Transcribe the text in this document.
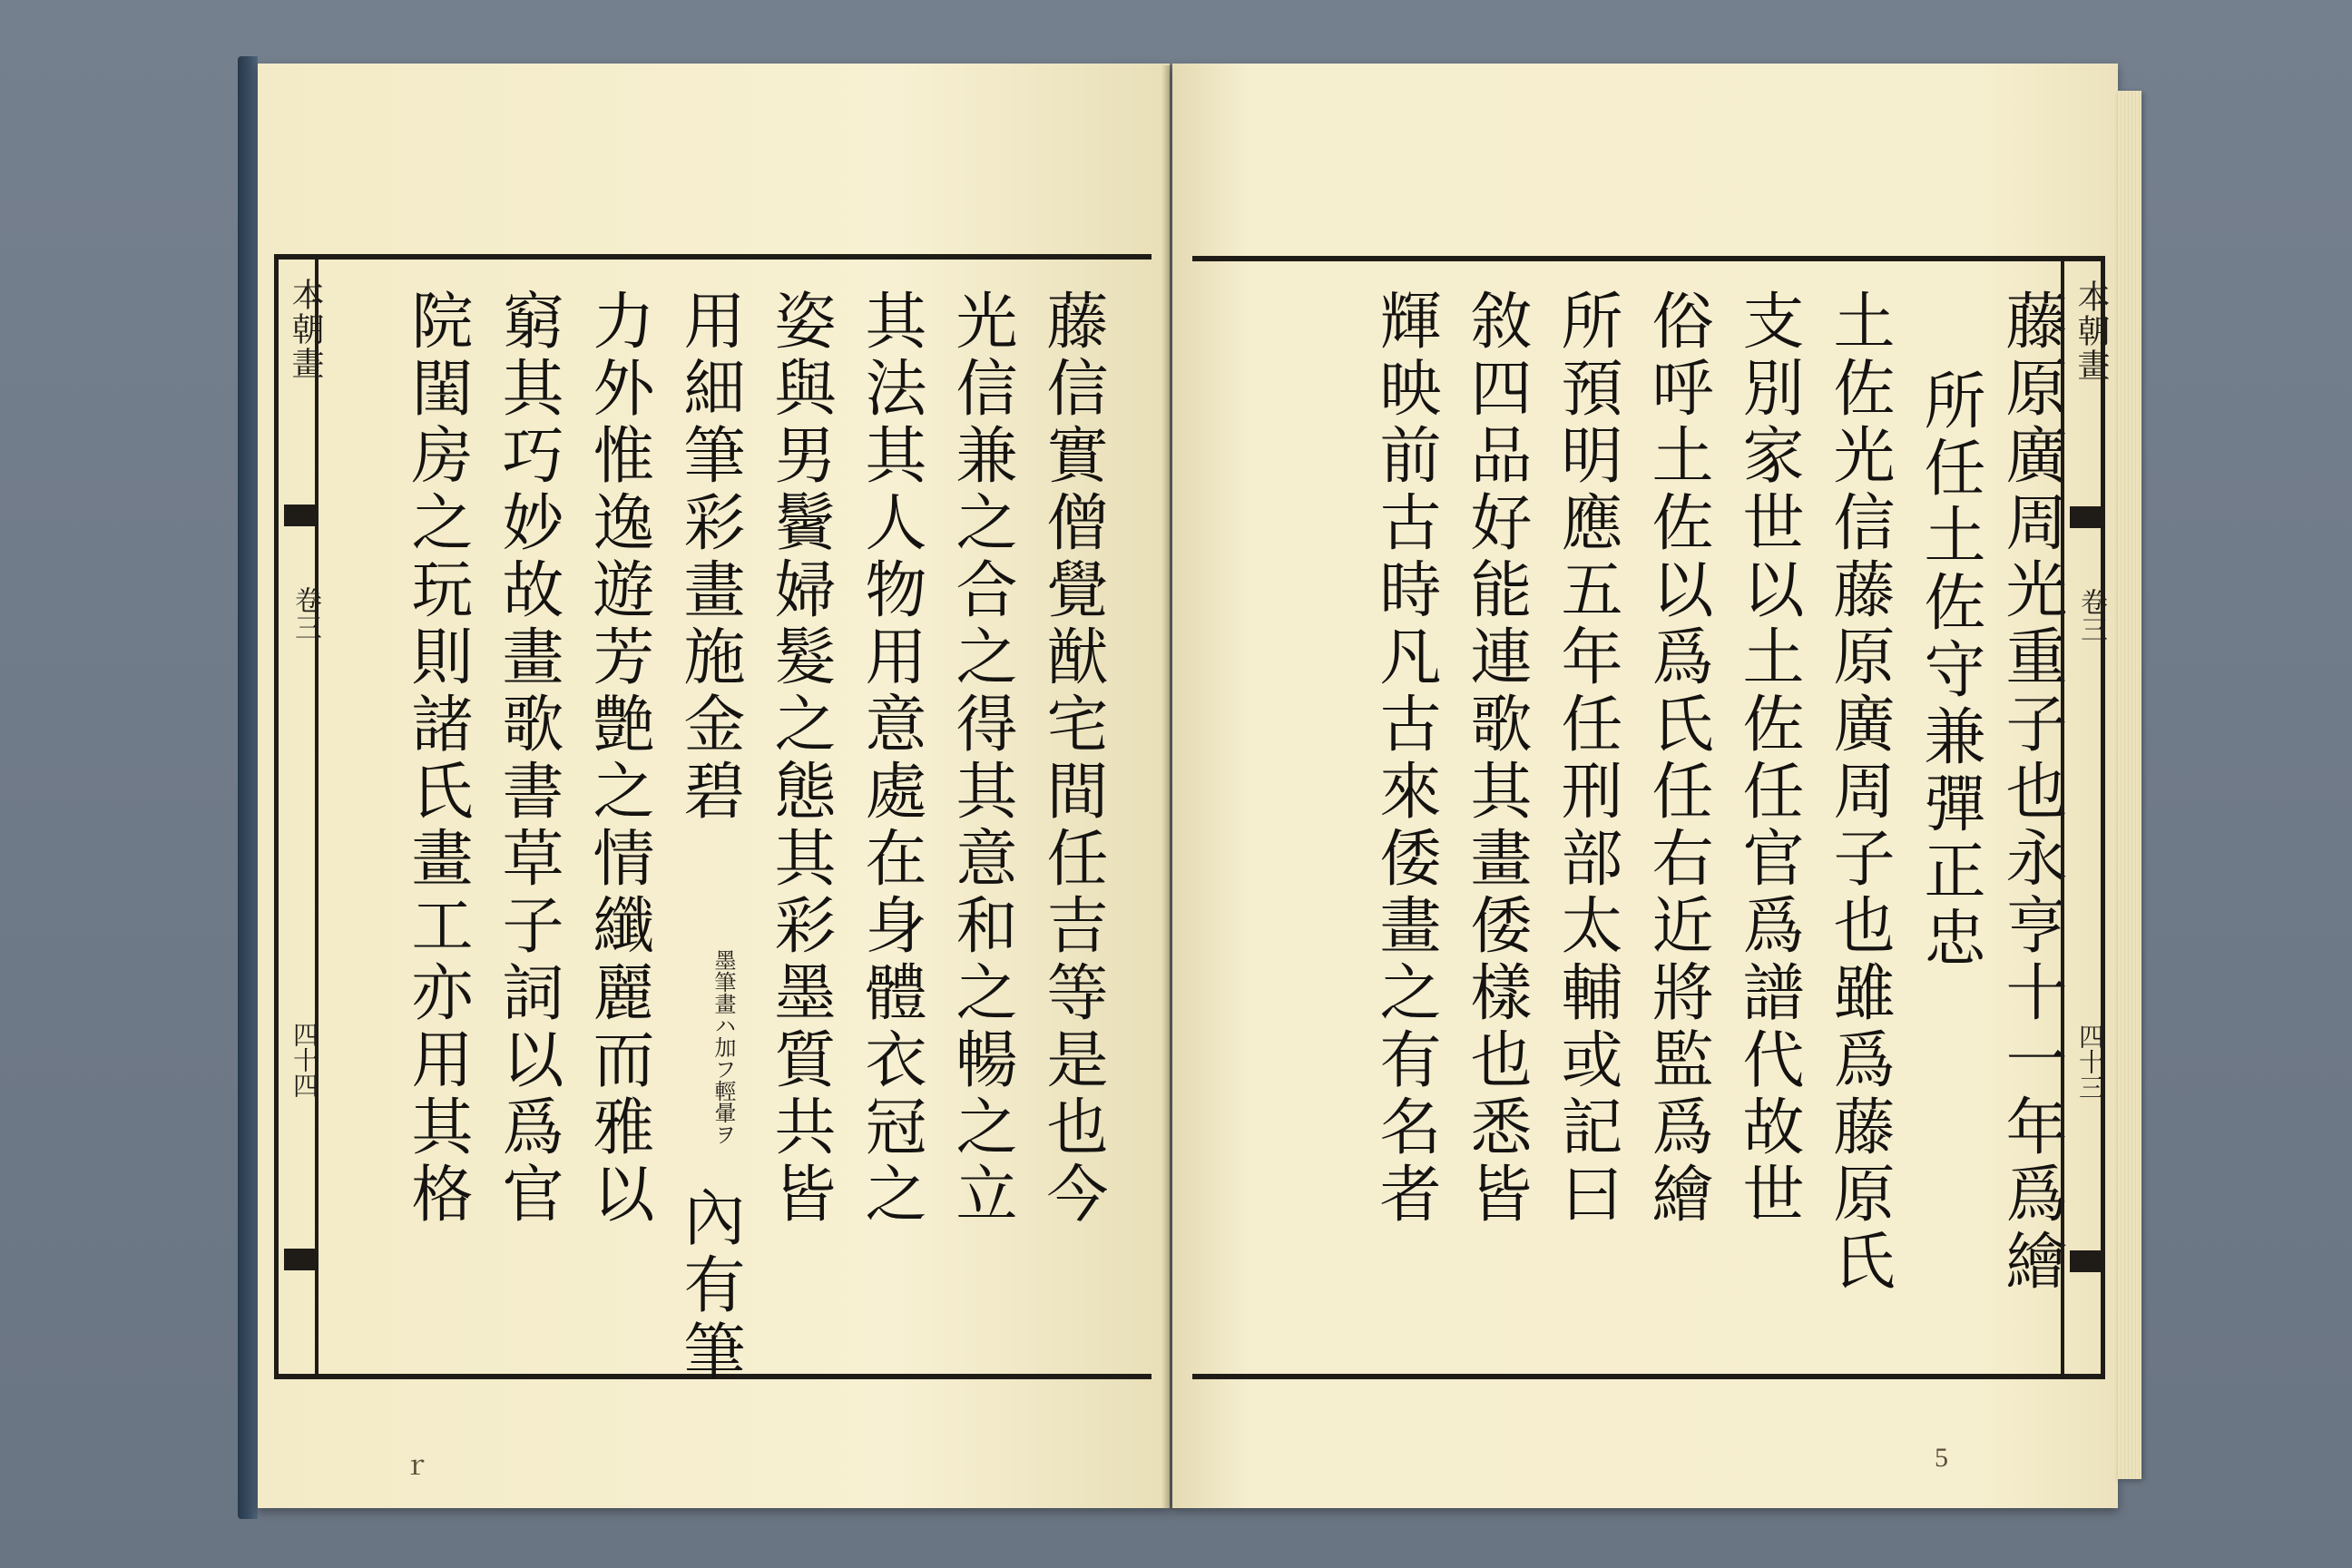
本朝畫
卷三
四十四	藤信實僧覺猷宅間任吉等是也今
光信兼之合之得其意和之暢之立
其法其人物用意處在身體衣冠之
姿與男鬢婦髮之態其彩墨質共皆
用細筆彩畫施金碧
墨筆畫ハ加フ輕暈ヲ
內有筆
力外惟逸遊芳艶之情纖麗而雅以
窮其巧妙故畫歌書草子詞以爲官
院閨房之玩則諸氏畫工亦用其格
ｒ
藤原廣周光重子也永亨十一年爲繪
所任土佐守兼彈正忠
土佐光信藤原廣周子也雖爲藤原氏
支別家世以土佐任官爲譜代故世
俗呼土佐以爲氏任右近將監爲繪
所預明應五年任刑部太輔或記曰
敘四品好能連歌其畫倭樣也悉皆
輝映前古時凡古來倭畫之有名者	本朝畫
卷三
四十三
5ﾞ
